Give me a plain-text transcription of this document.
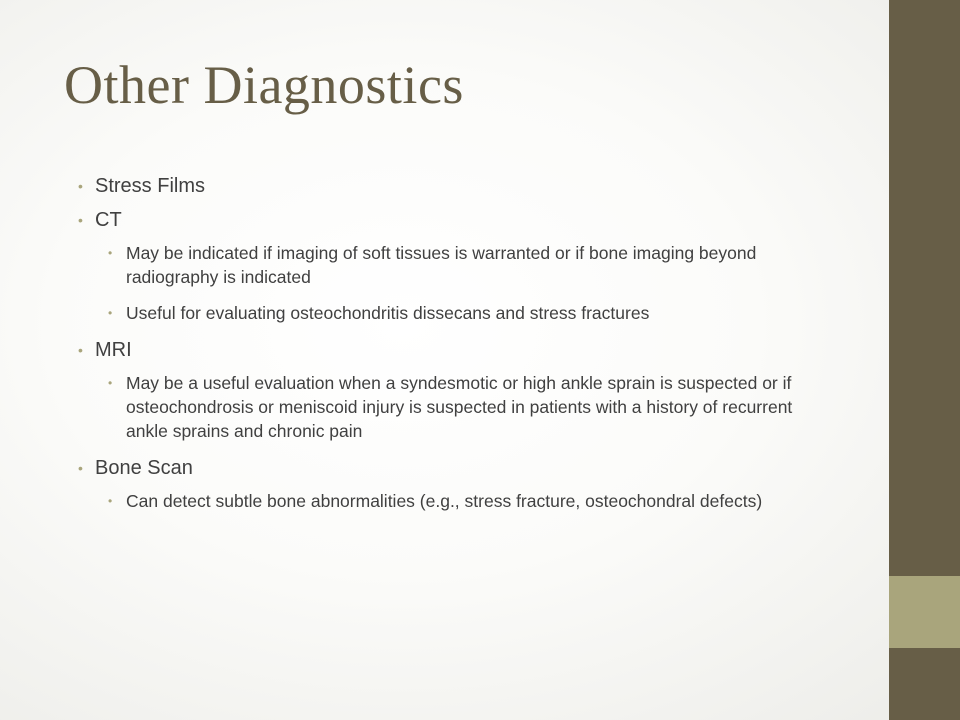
Other Diagnostics
• Stress Films
• CT
• May be indicated if imaging of soft tissues is warranted or if bone imaging beyond radiography is indicated
• Useful for evaluating osteochondritis dissecans and stress fractures
• MRI
• May be a useful evaluation when a syndesmotic or high ankle sprain is suspected or if osteochondrosis or meniscoid injury is suspected in patients with a history of recurrent ankle sprains and chronic pain
• Bone Scan
• Can detect subtle bone abnormalities (e.g., stress fracture, osteochondral defects)
